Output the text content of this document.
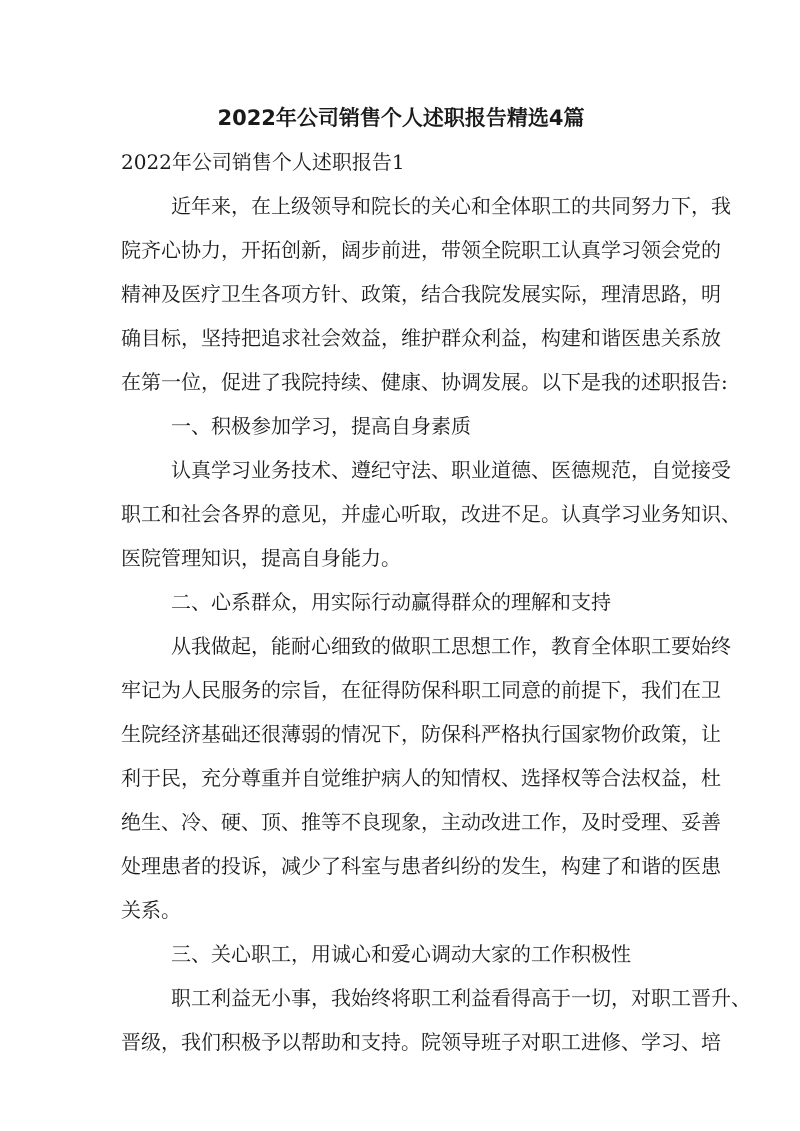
2022年公司销售个人述职报告精选4篇
2022年公司销售个人述职报告1
近年来，在上级领导和院长的关心和全体职工的共同努力下，我
院齐心协力，开拓创新，阔步前进，带领全院职工认真学习领会党的
精神及医疗卫生各项方针、政策，结合我院发展实际，理清思路，明
确目标，坚持把追求社会效益，维护群众利益，构建和谐医患关系放
在第一位，促进了我院持续、健康、协调发展。以下是我的述职报告:
一、积极参加学习，提高自身素质
认真学习业务技术、遵纪守法、职业道德、医德规范，自觉接受
职工和社会各界的意见，并虚心听取，改进不足。认真学习业务知识、
医院管理知识，提高自身能力。
二、心系群众，用实际行动赢得群众的理解和支持
从我做起，能耐心细致的做职工思想工作，教育全体职工要始终
牢记为人民服务的宗旨，在征得防保科职工同意的前提下，我们在卫
生院经济基础还很薄弱的情况下，防保科严格执行国家物价政策，让
利于民，充分尊重并自觉维护病人的知情权、选择权等合法权益，杜
绝生、冷、硬、顶、推等不良现象，主动改进工作，及时受理、妥善
处理患者的投诉，减少了科室与患者纠纷的发生，构建了和谐的医患
关系。
三、关心职工，用诚心和爱心调动大家的工作积极性
职工利益无小事，我始终将职工利益看得高于一切，对职工晋升、
晋级，我们积极予以帮助和支持。院领导班子对职工进修、学习、培
